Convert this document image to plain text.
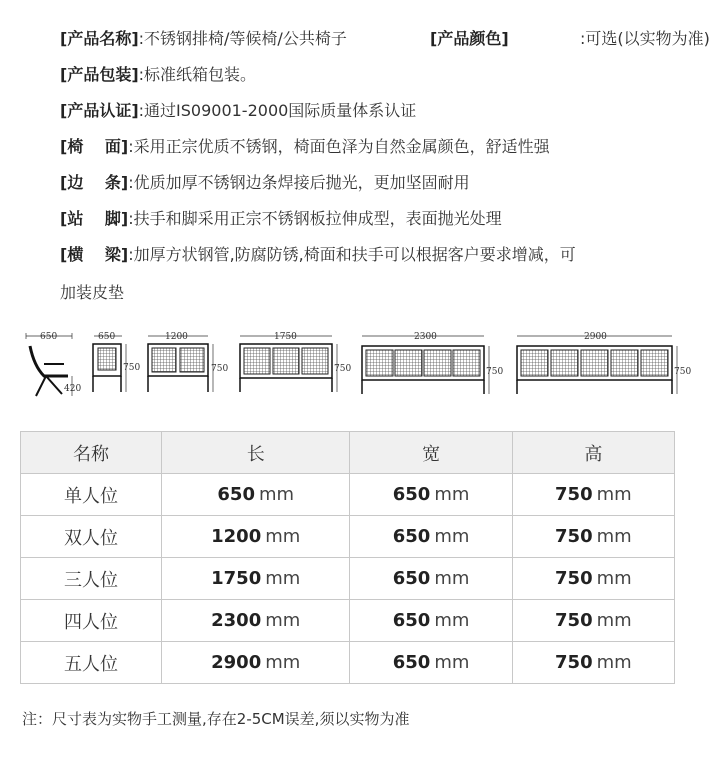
[产品名称]:不锈钢排椅/等候椅/公共椅子	[产品颜色]	:可选(以实物为准)
[产品包装]:标准纸箱包装。
[产品认证]:通过IS09001-2000国际质量体系认证
[椅　 面]:采用正宗优质不锈钢，椅面色泽为自然金属颜色，舒适性强
[边　 条]:优质加厚不锈钢边条焊接后抛光，更加坚固耐用
[站　 脚]:扶手和脚采用正宗不锈钢板拉伸成型，表面抛光处理
[横　 梁]:加厚方状钢管,防腐防锈,椅面和扶手可以根据客户要求增减，可
加装皮垫
650
420
650
750
1200
750
1750
750
2300
750
2900
750
名称	长	宽	高
单人位	650 mm	650 mm	750 mm
双人位	1200 mm	650 mm	750 mm
三人位	1750 mm	650 mm	750 mm
四人位	2300 mm	650 mm	750 mm
五人位	2900 mm	650 mm	750 mm
注：尺寸表为实物手工测量,存在2-5CM误差,须以实物为准
